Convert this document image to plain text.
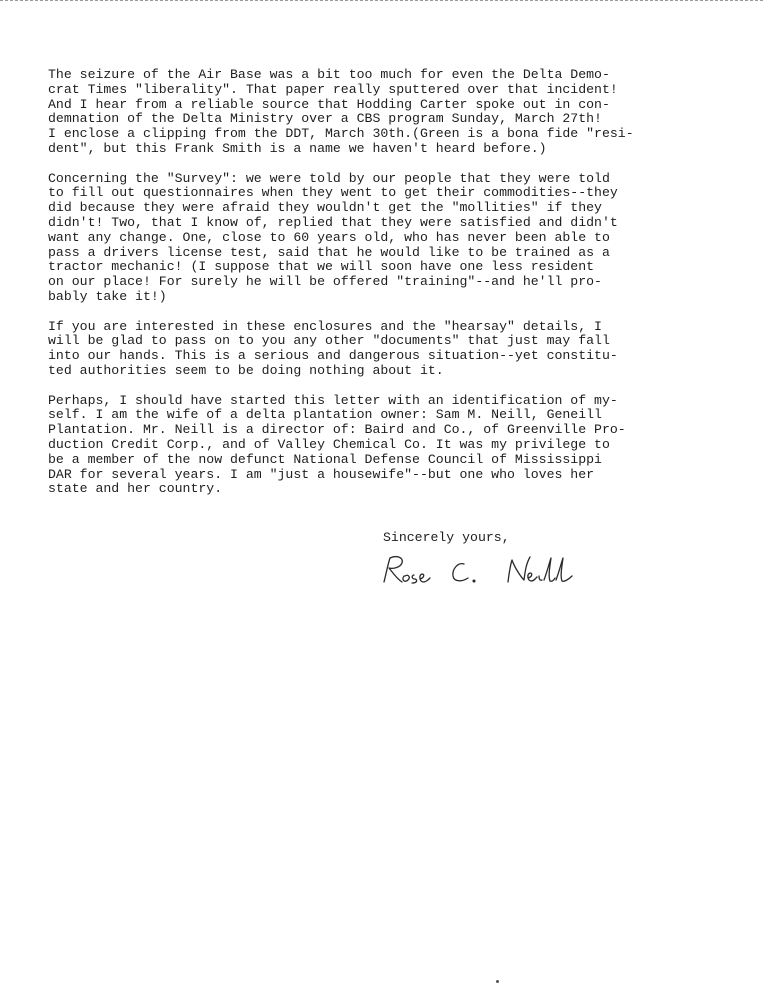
The seizure of the Air Base was a bit too much for even the Delta Demo-
crat Times "liberality". That paper really sputtered over that incident!
And I hear from a reliable source that Hodding Carter spoke out in con-
demnation of the Delta Ministry over a CBS program Sunday, March 27th!
I enclose a clipping from the DDT, March 30th.(Green is a bona fide "resi-
dent", but this Frank Smith is a name we haven't heard before.)
Concerning the "Survey": we were told by our people that they were told
to fill out questionnaires when they went to get their commodities--they
did because they were afraid they wouldn't get the "mollities" if they
didn't! Two, that I know of, replied that they were satisfied and didn't
want any change. One, close to 60 years old, who has never been able to
pass a drivers license test, said that he would like to be trained as a
tractor mechanic! (I suppose that we will soon have one less resident
on our place! For surely he will be offered "training"--and he'll pro-
bably take it!)
If you are interested in these enclosures and the "hearsay" details, I
will be glad to pass on to you any other "documents" that just may fall
into our hands. This is a serious and dangerous situation--yet constitu-
ted authorities seem to be doing nothing about it.
Perhaps, I should have started this letter with an identification of my-
self. I am the wife of a delta plantation owner: Sam M. Neill, Geneill
Plantation. Mr. Neill is a director of: Baird and Co., of Greenville Pro-
duction Credit Corp., and of Valley Chemical Co. It was my privilege to
be a member of the now defunct National Defense Council of Mississippi
DAR for several years. I am "just a housewife"--but one who loves her
state and her country.
Sincerely yours,
